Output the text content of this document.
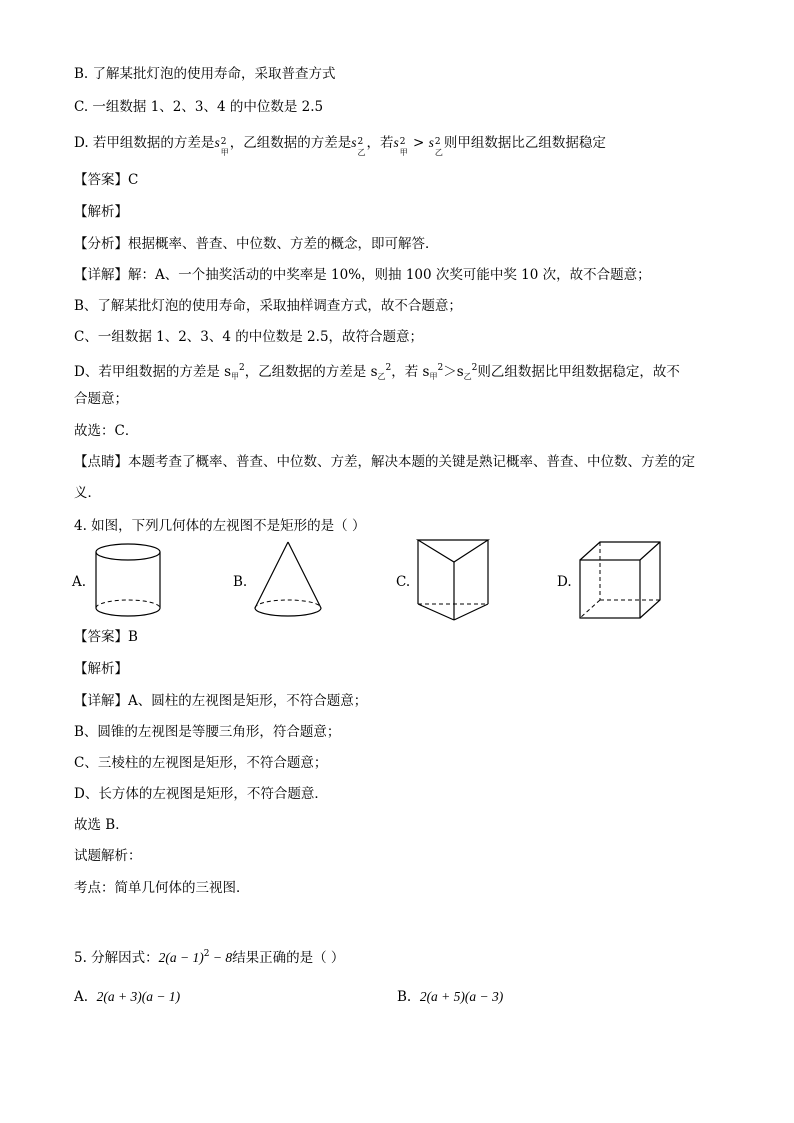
B. 了解某批灯泡的使用寿命，采取普查方式
C. 一组数据 1、2、3、4 的中位数是 2.5
D. 若甲组数据的方差是s 2
甲
，乙组数据的方差是s 2
乙
，若s 2
甲
> s 2
乙
则甲组数据比乙组数据稳定
【答案】C
【解析】
【分析】根据概率、普查、中位数、方差的概念，即可解答．
【详解】解：A、一个抽奖活动的中奖率是 10%，则抽 100 次奖可能中奖 10 次，故不合题意；
B、了解某批灯泡的使用寿命，采取抽样调查方式，故不合题意；
C、一组数据 1、2、3、4 的中位数是 2.5，故符合题意；
D、若甲组数据的方差是 $s_甲^2$，乙组数据的方差是 $s_乙^2$，若 $s_甲^2>s_乙^2$则乙组数据比甲组数据稳定，故不
合题意；
故选：C．
【点睛】本题考查了概率、普查、中位数、方差，解决本题的关键是熟记概率、普查、中位数、方差的定
义．
4. 如图，下列几何体的左视图不是矩形的是（ ）
A.	B.	C.	D.
【答案】B
【解析】
【详解】A、圆柱的左视图是矩形，不符合题意；
B、圆锥的左视图是等腰三角形，符合题意；
C、三棱柱的左视图是矩形，不符合题意；
D、长方体的左视图是矩形，不符合题意．
故选 B．
试题解析：
考点：简单几何体的三视图．
5. 分解因式：$2(a - 1)^2 - 8$结果正确的是（ ）
A. 2(a + 3)(a − 1)	B. 2(a + 5)(a − 3)
